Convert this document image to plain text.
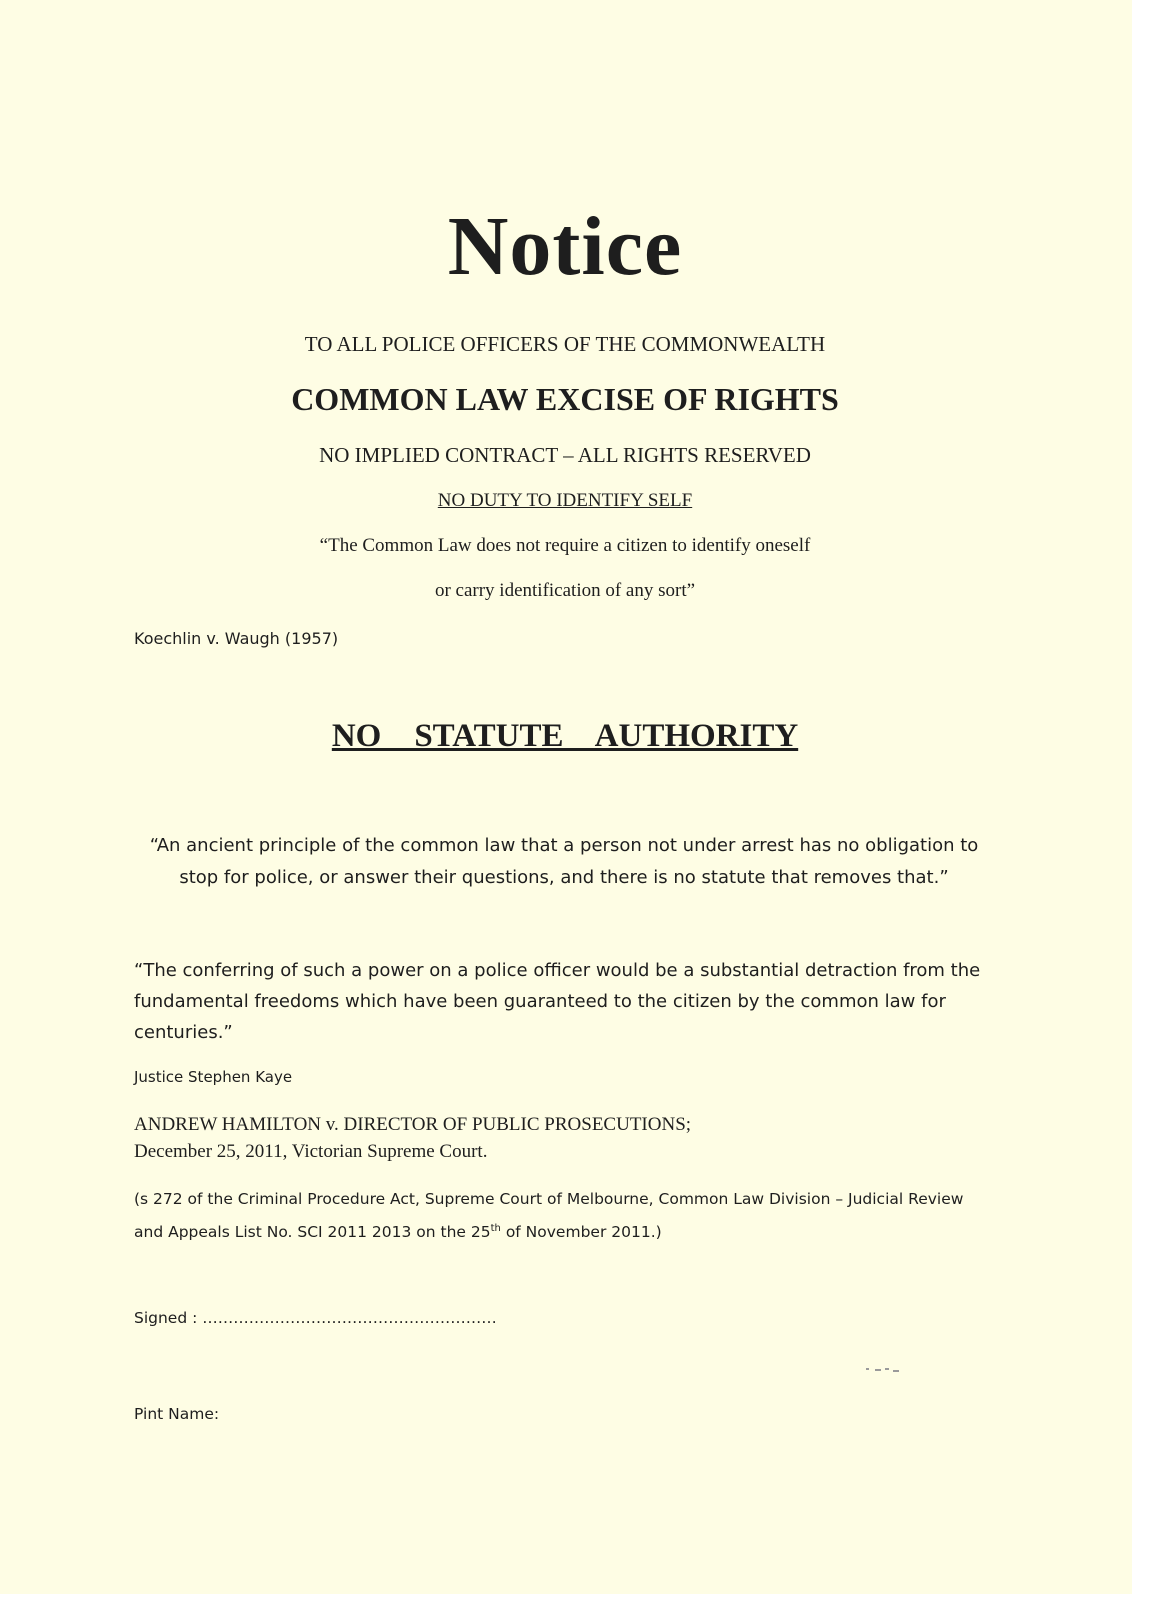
Notice
TO ALL POLICE OFFICERS OF THE COMMONWEALTH
COMMON LAW EXCISE OF RIGHTS
NO IMPLIED CONTRACT – ALL RIGHTS RESERVED
NO DUTY TO IDENTIFY SELF
“The Common Law does not require a citizen to identify oneself
or carry identification of any sort”
Koechlin v. Waugh (1957)
NO    STATUTE    AUTHORITY
“An ancient principle of the common law that a person not under arrest has no obligation to stop for police, or answer their questions, and there is no statute that removes that.”
“The conferring of such a power on a police officer would be a substantial detraction from the fundamental freedoms which have been guaranteed to the citizen by the common law for centuries.”
Justice Stephen Kaye
ANDREW HAMILTON v. DIRECTOR OF PUBLIC PROSECUTIONS;
December 25, 2011, Victorian Supreme Court.
(s 272 of the Criminal Procedure Act, Supreme Court of Melbourne, Common Law Division – Judicial Review and Appeals List No. SCI 2011 2013 on the 25th of November 2011.)
Signed : …………………………………………………
Pint Name:
